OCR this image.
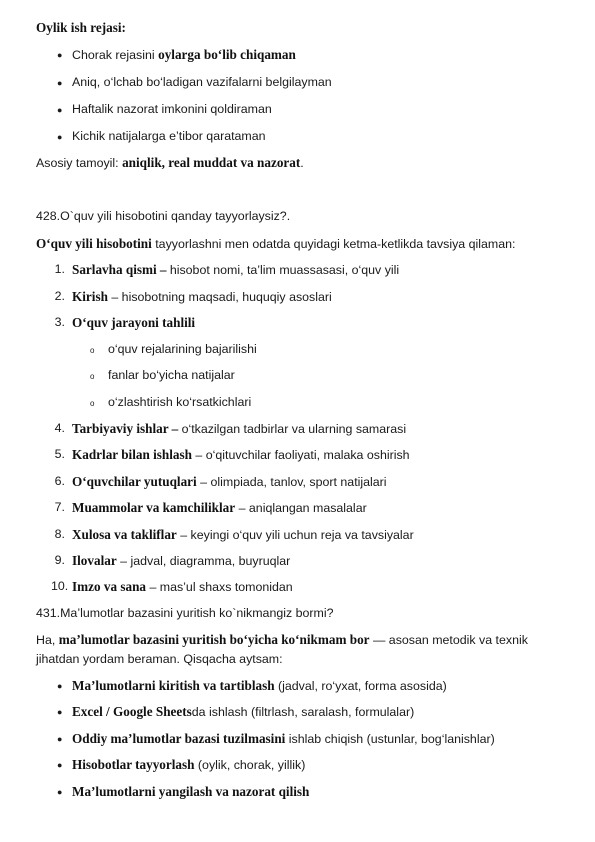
Oylik ish rejasi:
● Chorak rejasini oylarga bo‘lib chiqaman
● Aniq, o‘lchab bo‘ladigan vazifalarni belgilayman
● Haftalik nazorat imkonini qoldiraman
● Kichik natijalarga e’tibor qarataman
Asosiy tamoyil: aniqlik, real muddat va nazorat.
428.O`quv yili hisobotini qanday tayyorlaysiz?.
O‘quv yili hisobotini tayyorlashni men odatda quyidagi ketma-ketlikda tavsiya qilaman:
1. Sarlavha qismi – hisobot nomi, ta’lim muassasasi, o‘quv yili
2. Kirish – hisobotning maqsadi, huquqiy asoslari
3. O‘quv jarayoni tahlili
o o‘quv rejalarining bajarilishi
o fanlar bo‘yicha natijalar
o o‘zlashtirish ko‘rsatkichlari
4. Tarbiyaviy ishlar – o‘tkazilgan tadbirlar va ularning samarasi
5. Kadrlar bilan ishlash – o‘qituvchilar faoliyati, malaka oshirish
6. O‘quvchilar yutuqlari – olimpiada, tanlov, sport natijalari
7. Muammolar va kamchiliklar – aniqlangan masalalar
8. Xulosa va takliflar – keyingi o‘quv yili uchun reja va tavsiyalar
9. Ilovalar – jadval, diagramma, buyruqlar
10. Imzo va sana – mas’ul shaxs tomonidan
431.Ma’lumotlar bazasini yuritish ko`nikmangiz bormi?
Ha, ma’lumotlar bazasini yuritish bo‘yicha ko‘nikmam bor — asosan metodik va texnik
jihatdan yordam beraman. Qisqacha aytsam:
● Ma’lumotlarni kiritish va tartiblash (jadval, ro‘yxat, forma asosida)
● Excel / Google Sheetsda ishlash (filtrlash, saralash, formulalar)
● Oddiy ma’lumotlar bazasi tuzilmasini ishlab chiqish (ustunlar, bog‘lanishlar)
● Hisobotlar tayyorlash (oylik, chorak, yillik)
● Ma’lumotlarni yangilash va nazorat qilish
